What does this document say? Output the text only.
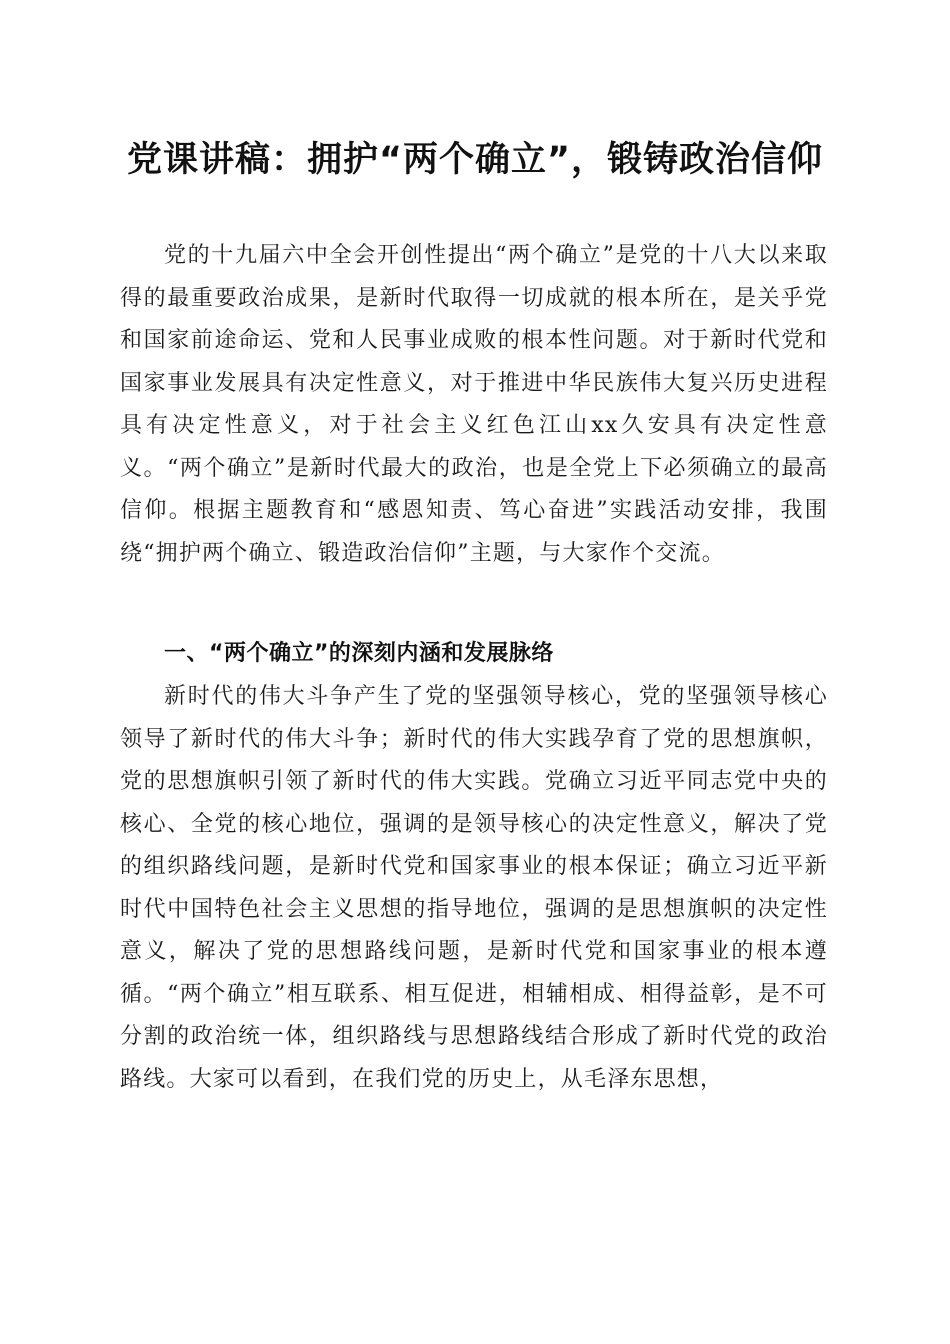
党课讲稿：拥护“两个确立”，锻铸政治信仰

党的十九届六中全会开创性提出“两个确立”是党的十八大以来取得的最重要政治成果，是新时代取得一切成就的根本所在，是关乎党和国家前途命运、党和人民事业成败的根本性问题。对于新时代党和国家事业发展具有决定性意义，对于推进中华民族伟大复兴历史进程具有决定性意义，对于社会主义红色江山xx久安具有决定性意义。“两个确立”是新时代最大的政治，也是全党上下必须确立的最高信仰。根据主题教育和“感恩知责、笃心奋进”实践活动安排，我围绕“拥护两个确立、锻造政治信仰”主题，与大家作个交流。

一、“两个确立”的深刻内涵和发展脉络

新时代的伟大斗争产生了党的坚强领导核心，党的坚强领导核心领导了新时代的伟大斗争；新时代的伟大实践孕育了党的思想旗帜，党的思想旗帜引领了新时代的伟大实践。党确立习近平同志党中央的核心、全党的核心地位，强调的是领导核心的决定性意义，解决了党的组织路线问题，是新时代党和国家事业的根本保证；确立习近平新时代中国特色社会主义思想的指导地位，强调的是思想旗帜的决定性意义，解决了党的思想路线问题，是新时代党和国家事业的根本遵循。“两个确立”相互联系、相互促进，相辅相成、相得益彰，是不可分割的政治统一体，组织路线与思想路线结合形成了新时代党的政治路线。大家可以看到，在我们党的历史上，从毛泽东思想，
